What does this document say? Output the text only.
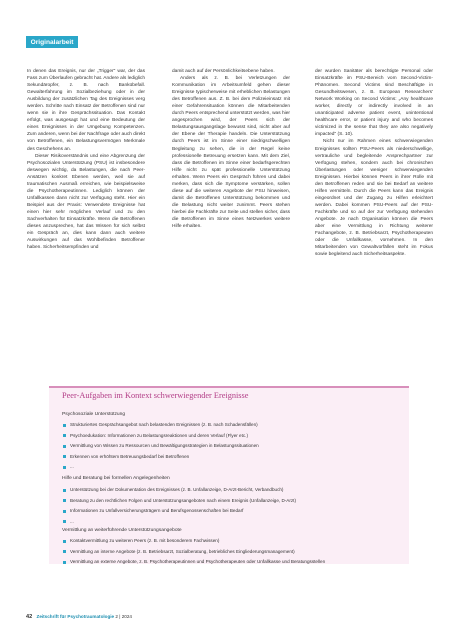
Originalarbeit

In denen das Ereignis, nur der „Trigger" war, der das Fass zum Überlaufen gebracht hat. Andere als lediglich Sekundäropfer, z. B. nach Bankübefall. Gewalterfahrung im Sozialbeziehung oder in der Ausbildung der zusätzlichen Tag des Ereignisses verg werden. Schritte nach Einsatz der Betroffenen sind nur wenn sie in ihre Gesprächssituation. Das Kontakt erfolgt, was ausgesagt hat und eine Bedeutung der eines Ereignisses in der Umgebung Kompetenzen. Zum anderen, wenn bei der Nachfrage oder auch direkt von Betroffenen, ein Belastungsvermögen Merkmale des Geschehens an.

Dieser Risikoverständnis und eine Abgrenzung der Psychosozialen Unterstützung (PSU) ist insbesondere deswegen wichtig, da Belastungen, die nach Peer-Ansätzen konkret Ebenen werden, weil sie auf traumatischen Ausmaß erreichen, wie beispielsweise die Psychotherapeutinnen. Lediglich können der Unfallkassen dann nicht zur Verfügung steht. Hier ein Beispiel aus der Praxis: Verwendete Ereignisse hat einen hier sehr möglichen Verlauf und zu den Sachverhalten für Einsatzkräfte. Wenn die Betroffenen dieses anzusprechen, hat das Wissen für sich selbst ein Gespräch an, dies kann dann auch weitere Auswirkungen auf das Wohlbefinden Betroffener haben. Sicherheitsempfinden und

damit auch auf der Persönlichkeitsebene haben.

Anders als z. B. bei Verletzungen der Kommunikation im Arbeitsumfeld gehen dieser Ereignisse typischerweise mit erheblichen Belastungen des Betroffenen aus. Z. B. bei dem Polizeieinsatz mit einer Gefahrensituation können die Mitarbeitenden durch Peers entsprechend unterstützt werden, was hier angesprochen wird, der Peers sich der Belastungsausgangslage bewusst sind, nicht aber auf der Ebene der Therapie handeln. Die Unterstützung durch Peers ist im Sinne einer niedrigschwelligen Begleitung zu sehen, die in der Regel keine professionelle Betreuung ersetzen kann. Mit dem Ziel, dass die Betroffenen im Sinne einer bedarfsgerechten Hilfe nicht zu spät professionelle Unterstützung erhalten. Wenn Peers ein Gespräch führen und dabei merken, dass sich die Symptome verstärken, sollen diese auf die weiteren Angebote der PSU hinweisen, damit die Betroffenen Unterstützung bekommen und die Belastung nicht weiter zunimmt. Peers stehen hierbei die Fachkräfte zur Seite und stellen sicher, dass die Betroffenen im Sinne eines Netzwerkes weitere Hilfe erhalten.

der wurden Sanitäter als berechtigte Personal oder Einsatzkräfte im PSU-Bereich vom Second-Victim-Phänomen. Second Victims sind Beschäftigte in Gesundheitswesen, z. B. European Researchers' Network Working on Second Victims: „Any healthcare worker, directly or indirectly involved in an unanticipated adverse patient event, unintentional healthcare error, or patient injury and who becomes victimized in the sense that they are also negatively impacted" (S. 10).

Nicht nur im Rahmen eines schwerwiegenden Ereignisses sollten PSU-Peers als niederschwellige, vertrauliche und begleitende Ansprechpartner zur Verfügung stehen, sondern auch bei chronischen Überlastungen oder weniger schwerwiegenden Ereignissen. Hierbei können Peers in ihrer Rolle mit den Betroffenen reden und sie bei Bedarf an weitere Hilfen vermitteln. Durch die Peers kann das Ereignis eingeordnet und der Zugang zu Hilfen erleichtert werden. Dabei kommen PSU-Peers auf der PSU-Fachkräfte und so auf der zur Verfügung stehenden Angebote. Je nach Organisation können die Peers aber eine Vermittlung in Richtung weiterer Fachangebote, z. B. Betriebsarzt, Psychotherapeuten oder die Unfallkasse, vornehmen. In den Mitarbeitenden von Gewaltvorfällen steht im Fokus sowie begleitend auch Sicherheitsaspekte.

Peer-Aufgaben im Kontext schwerwiegender Ereignisse
Psychosoziale Unterstützung
Strukturiertes Gesprächsangebot nach belastenden Ereignissen (z. B. nach Schadensfällen)
Psychoedukation: Informationen zu Belastungsreaktionen und deren Verlauf (Flyer etc.)
Vermittlung von Wissen zu Ressourcen und Bewältigungsstrategien in Belastungssituationen
Erkennen von erhöhtem Betreuungsbedarf bei Betroffenen
...
Hilfe und Beratung bei formellen Angelegenheiten
Unterstützung bei der Dokumentation des Ereignisses (z. B. Unfallanzeige, D-Arzt-Bericht, Verbandbuch)
Beratung zu den rechtlichen Folgen und Unterstützungsangeboten nach einem Ereignis (Unfallanzeige, D-Arzt)
Informationen zu Unfallversicherungsträgern und Berufsgenossenschaften bei Bedarf
...
Vermittlung an weiterführende Unterstützungsangebote
Kontaktvermittlung zu weiteren Peers (z. B. mit besonderem Fachwissen)
Vermittlung an interne Angebote (z. B. Betriebsarzt, Sozialberatung, betriebliches Eingliederungsmanagement)
Vermittlung an externe Angebote, z. B. Psychotherapeutinnen und Psychotherapeuten oder Unfallkasse und Beratungsstellen
42 Zeitschrift für Psychotraumatologie 2 | 2024
